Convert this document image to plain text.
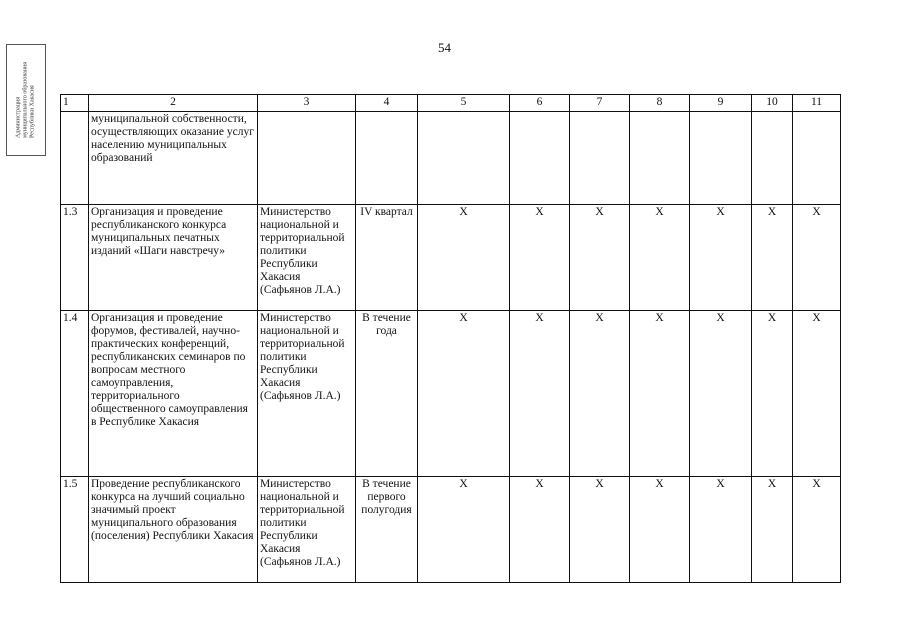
54
Администрация муниципального образования Республики Хакасия 1	2	3	4	5	6	7	8	9	10	11
	муниципальной собственности, осуществляющих оказание услуг населению муниципальных образований									
1.3	Организация и проведение республиканского конкурса муниципальных печатных изданий «Шаги навстречу»	Министерство национальной и территориальной политики Республики Хакасия (Сафьянов Л.А.)	IV квартал	X	X	X	X	X	X	X
1.4	Организация и проведение форумов, фестивалей, научно-практических конференций, республиканских семинаров по вопросам местного самоуправления, территориального общественного самоуправления в Республике Хакасия	Министерство национальной и территориальной политики Республики Хакасия (Сафьянов Л.А.)	В течение года	X	X	X	X	X	X	X
1.5	Проведение республиканского конкурса на лучший социально значимый проект муниципального образования (поселения) Республики Хакасия	Министерство национальной и территориальной политики Республики Хакасия (Сафьянов Л.А.)	В течение первого полугодия	X	X	X	X	X	X	X
